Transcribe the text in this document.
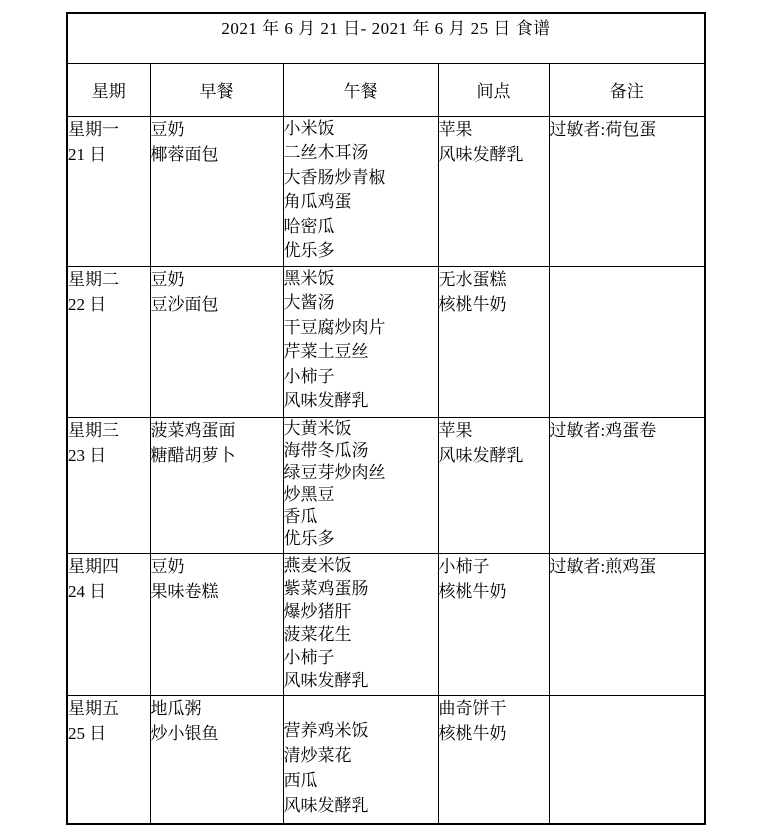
2021 年 6 月 21 日- 2021 年 6 月 25 日 食谱				
星期	早餐	午餐	间点	备注

星期一
21 日

豆奶
椰蓉面包

小米饭
二丝木耳汤
大香肠炒青椒
角瓜鸡蛋
哈密瓜
优乐多

苹果
风味发酵乳

过敏者:荷包蛋

星期二
22 日

豆奶
豆沙面包

黑米饭
大酱汤
干豆腐炒肉片
芹菜土豆丝
小柿子
风味发酵乳

无水蛋糕
核桃牛奶

星期三
23 日

菠菜鸡蛋面
糖醋胡萝卜

大黄米饭
海带冬瓜汤
绿豆芽炒肉丝
炒黑豆
香瓜
优乐多

苹果
风味发酵乳

过敏者:鸡蛋卷

星期四
24 日

豆奶
果味卷糕

燕麦米饭
紫菜鸡蛋肠
爆炒猪肝
菠菜花生
小柿子
风味发酵乳

小柿子
核桃牛奶

过敏者:煎鸡蛋

星期五
25 日

地瓜粥
炒小银鱼	营养鸡米饭
清炒菜花
西瓜
风味发酵乳

曲奇饼干
核桃牛奶
